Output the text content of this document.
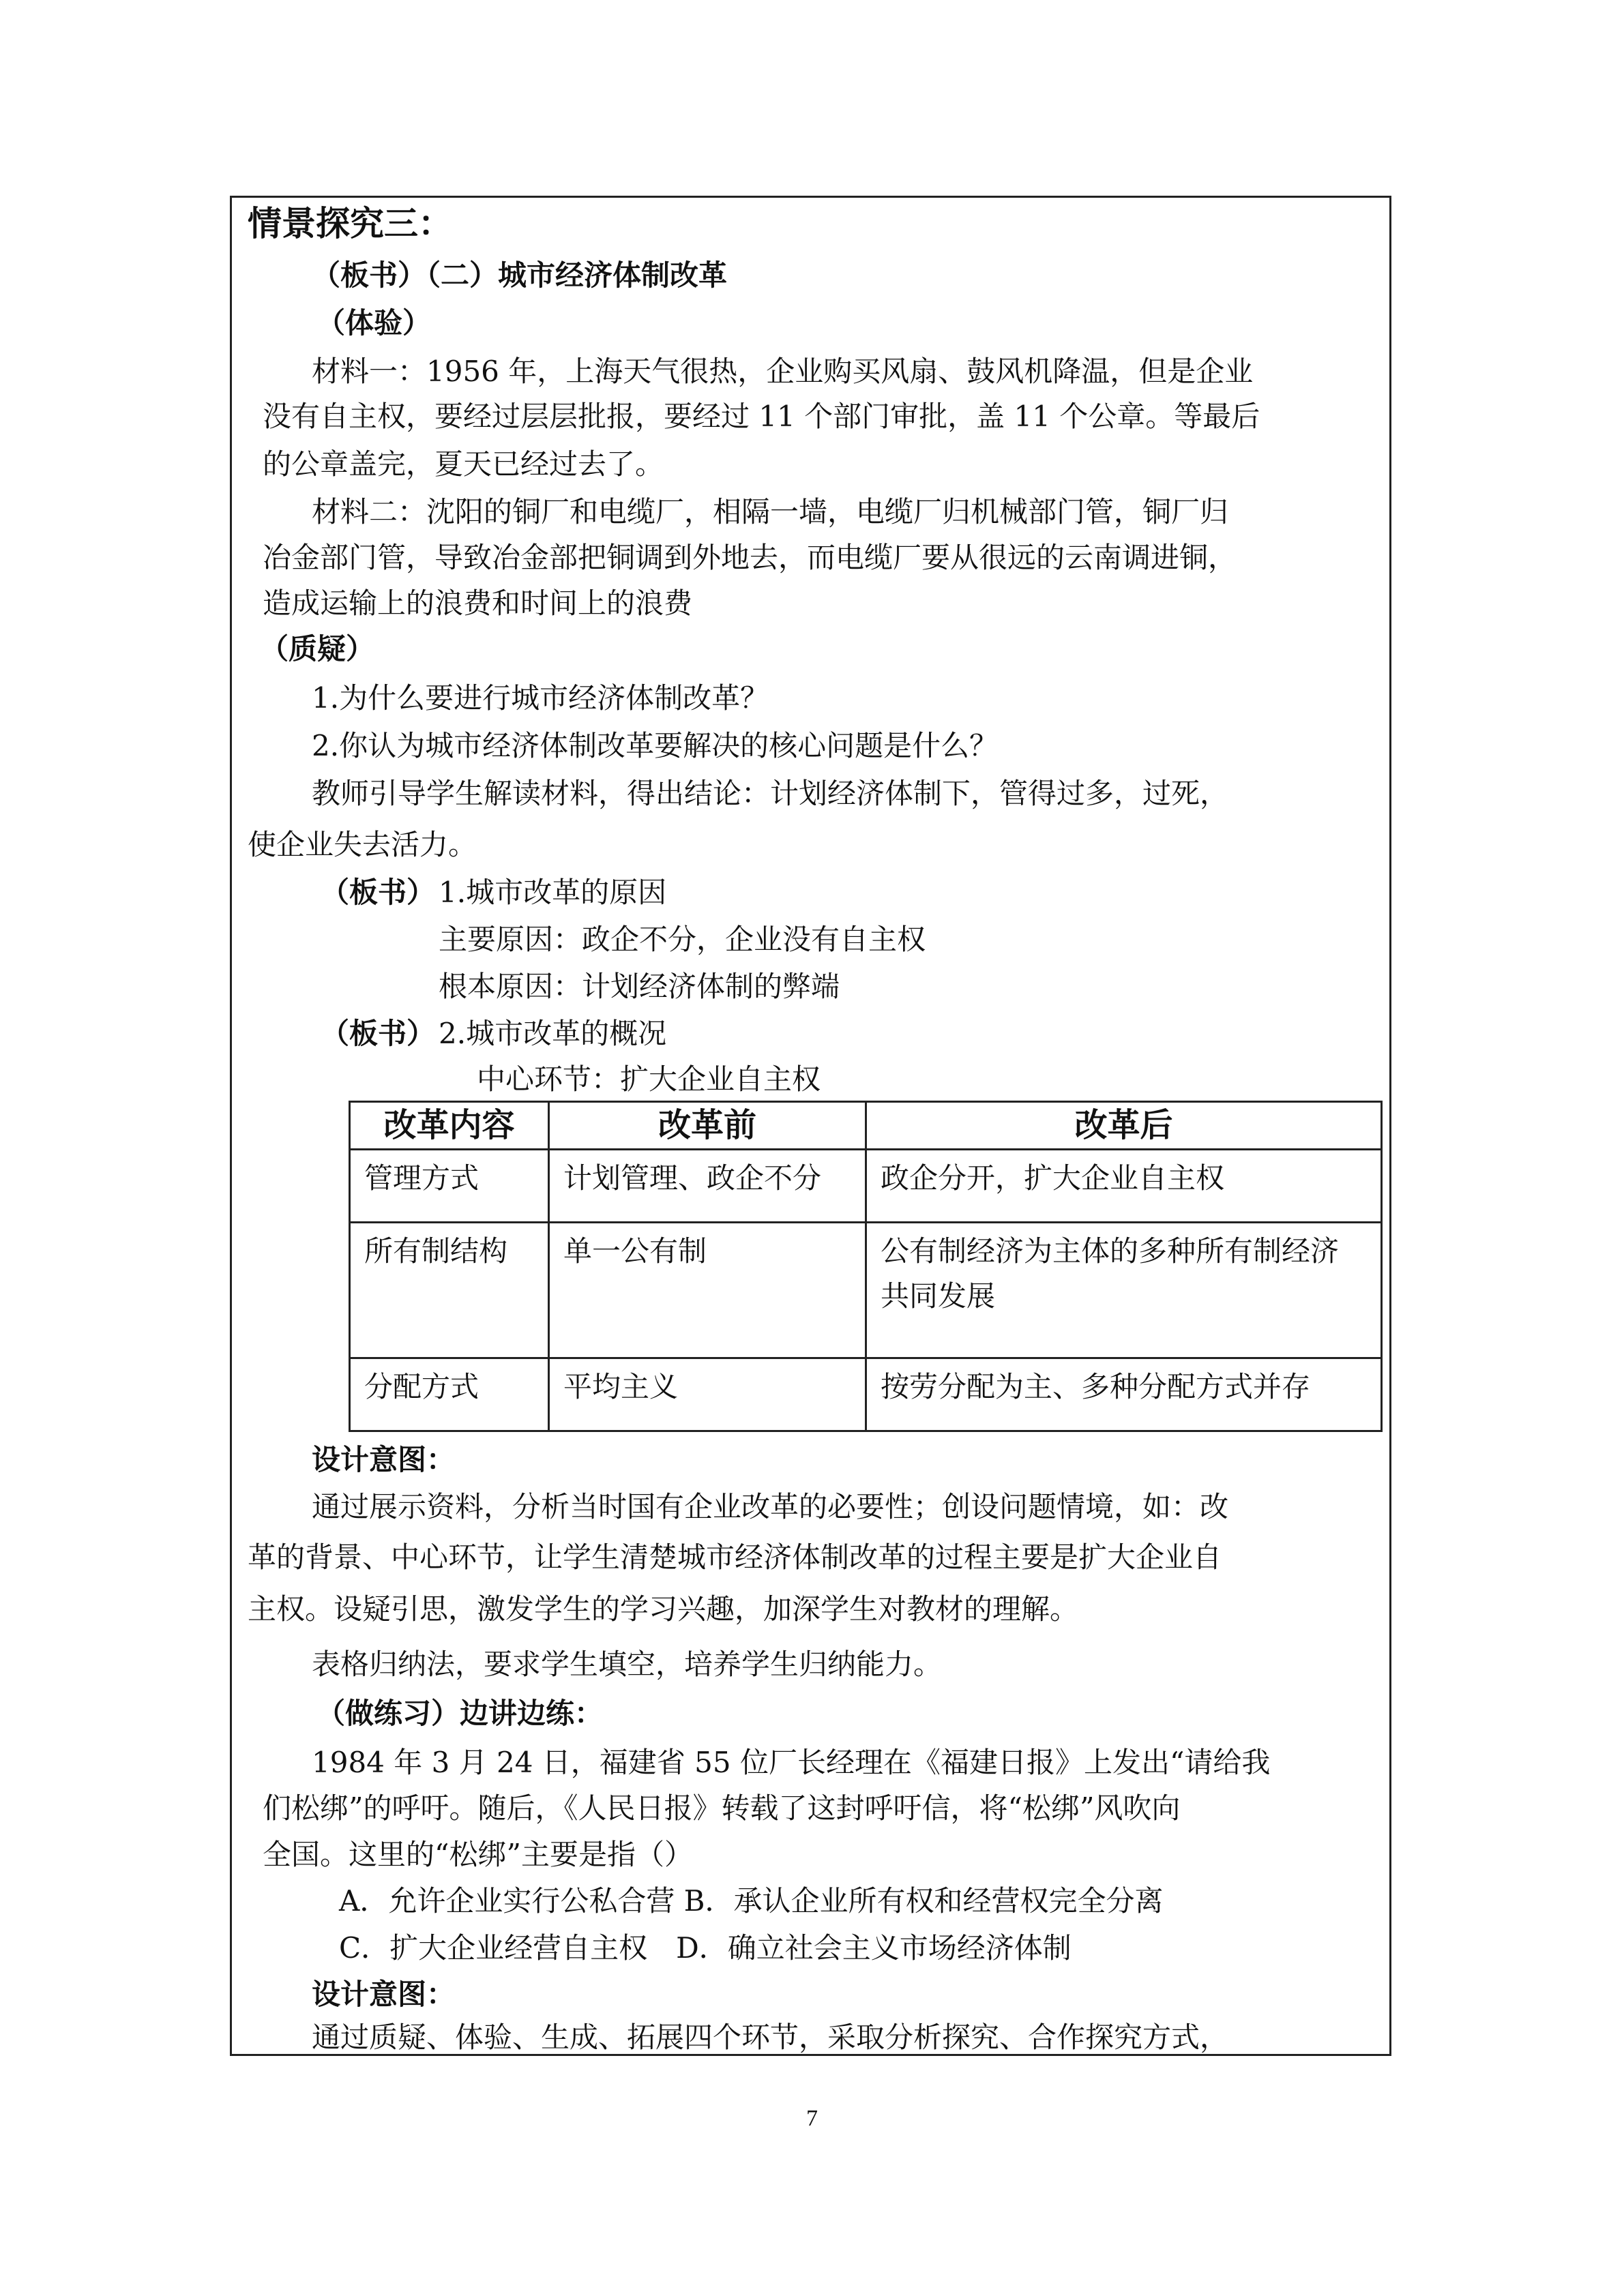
情景探究三：
（板书）（二）城市经济体制改革
（体验）
材料一：1956 年，上海天气很热，企业购买风扇、鼓风机降温，但是企业
没有自主权，要经过层层批报，要经过 11 个部门审批，盖 11 个公章。等最后
的公章盖完，夏天已经过去了。
材料二：沈阳的铜厂和电缆厂，相隔一墙，电缆厂归机械部门管，铜厂归
冶金部门管，导致冶金部把铜调到外地去，而电缆厂要从很远的云南调进铜，
造成运输上的浪费和时间上的浪费
（质疑）
1.为什么要进行城市经济体制改革？
2.你认为城市经济体制改革要解决的核心问题是什么？
教师引导学生解读材料，得出结论：计划经济体制下，管得过多，过死，
使企业失去活力。
（板书） 1.城市改革的原因
主要原因：政企不分，企业没有自主权
根本原因：计划经济体制的弊端
（板书） 2.城市改革的概况
中心环节：扩大企业自主权
改革内容	改革前	改革后
管理方式	计划管理、政企不分	政企分开，扩大企业自主权
所有制结构	单一公有制	公有制经济为主体的多种所有制经济共同发展
分配方式	平均主义	按劳分配为主、多种分配方式并存
设计意图：
通过展示资料，分析当时国有企业改革的必要性；创设问题情境，如：改
革的背景、中心环节，让学生清楚城市经济体制改革的过程主要是扩大企业自
主权。设疑引思，激发学生的学习兴趣，加深学生对教材的理解。
表格归纳法，要求学生填空，培养学生归纳能力。
（做练习）边讲边练：
1984 年 3 月 24 日，福建省 55 位厂长经理在《福建日报》上发出“请给我
们松绑”的呼吁。随后，《人民日报》转载了这封呼吁信，将“松绑”风吹向
全国。这里的“松绑”主要是指（）
A．允许企业实行公私合营 B．承认企业所有权和经营权完全分离
C．扩大企业经营自主权　D．确立社会主义市场经济体制
设计意图：
通过质疑、体验、生成、拓展四个环节，采取分析探究、合作探究方式，
7
